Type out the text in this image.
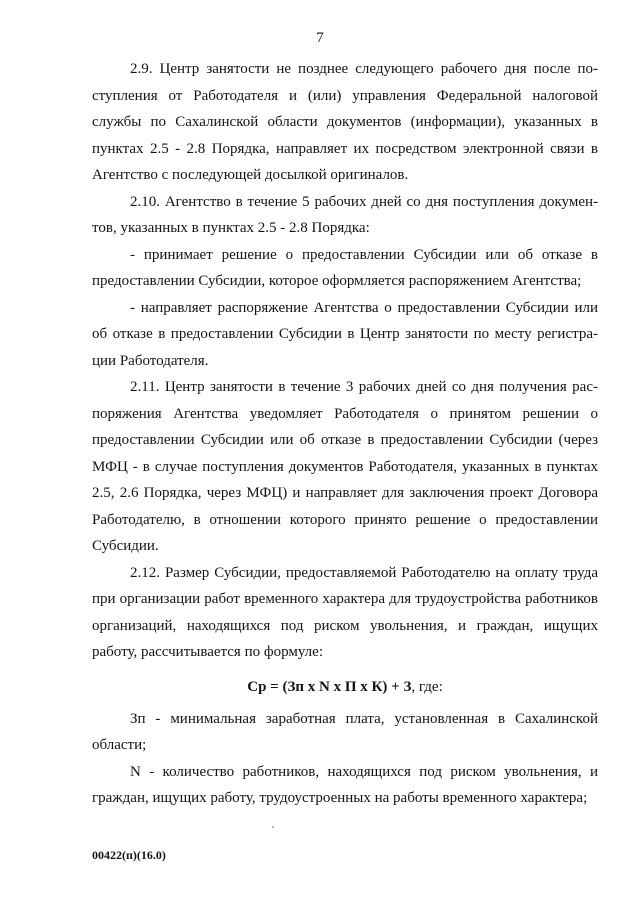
7

2.9. Центр занятости не позднее следующего рабочего дня после поступления от Работодателя и (или) управления Федеральной налоговой службы по Сахалинской области документов (информации), указанных в пунктах 2.5 - 2.8 Порядка, направляет их посредством электронной связи в Агентство с последующей досылкой оригиналов.

2.10. Агентство в течение 5 рабочих дней со дня поступления документов, указанных в пунктах 2.5 - 2.8 Порядка:

- принимает решение о предоставлении Субсидии или об отказе в предоставлении Субсидии, которое оформляется распоряжением Агентства;

- направляет распоряжение Агентства о предоставлении Субсидии или об отказе в предоставлении Субсидии в Центр занятости по месту регистрации Работодателя.

2.11. Центр занятости в течение 3 рабочих дней со дня получения распоряжения Агентства уведомляет Работодателя о принятом решении о предоставлении Субсидии или об отказе в предоставлении Субсидии (через МФЦ - в случае поступления документов Работодателя, указанных в пунктах 2.5, 2.6 Порядка, через МФЦ) и направляет для заключения проект Договора Работодателю, в отношении которого принято решение о предоставлении Субсидии.

2.12. Размер Субсидии, предоставляемой Работодателю на оплату труда при организации работ временного характера для трудоустройства работников организаций, находящихся под риском увольнения, и граждан, ищущих работу, рассчитывается по формуле:

Ср = (Зп x N x П x К) + З, где:

Зп - минимальная заработная плата, установленная в Сахалинской области;

N - количество работников, находящихся под риском увольнения, и граждан, ищущих работу, трудоустроенных на работы временного характера;

00422(п)(16.0)
